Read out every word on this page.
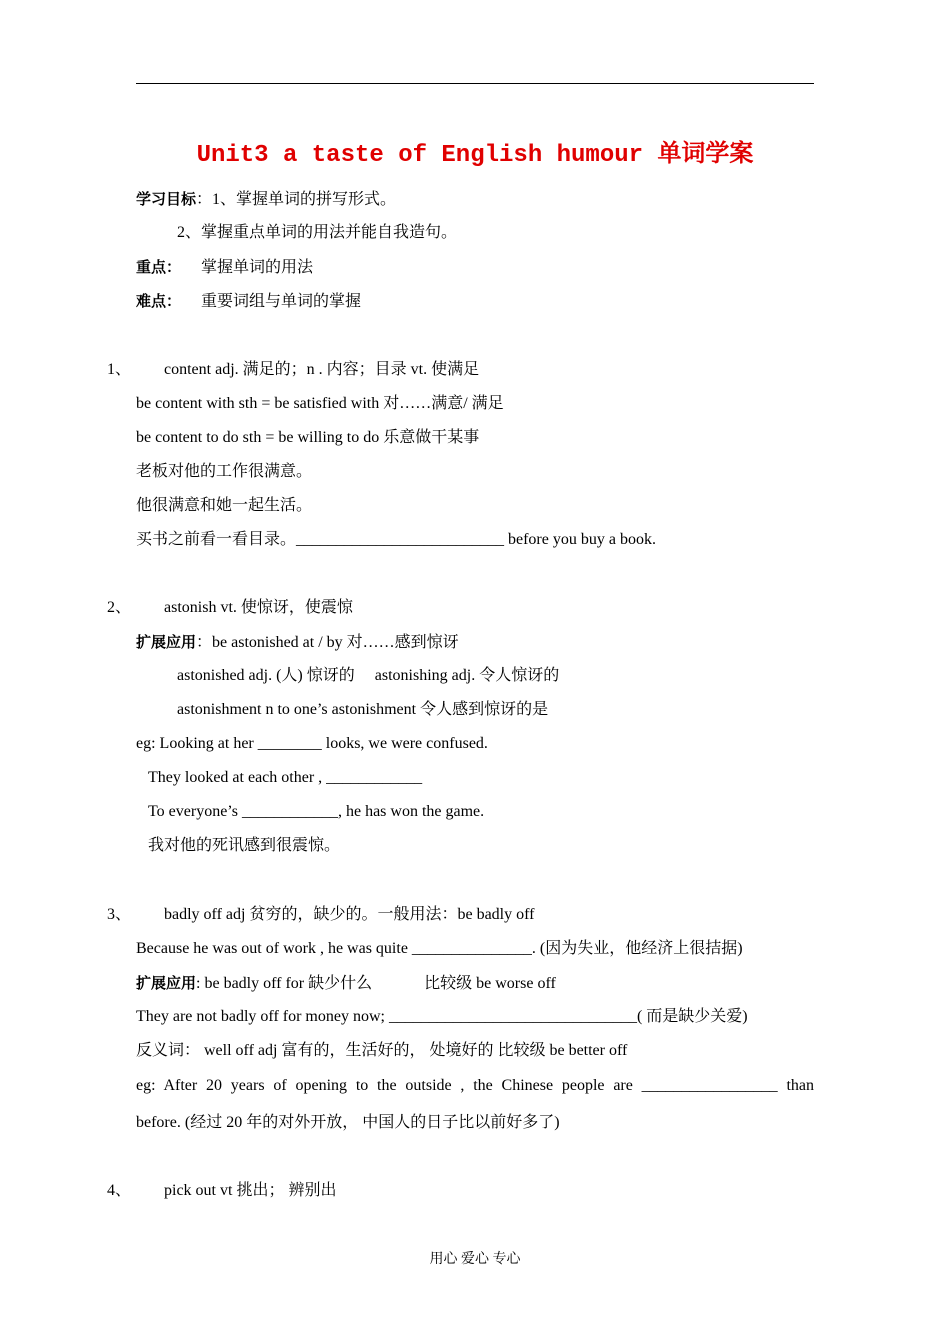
Unit3 a taste of English humour 单词学案
学习目标：1、掌握单词的拼写形式。
2、掌握重点单词的用法并能自我造句。
重点： 掌握单词的用法
难点： 重要词组与单词的掌握
1、 content adj. 满足的；n . 内容；目录 vt. 使满足
be content with sth = be satisfied with 对……满意/ 满足
be content to do sth = be willing to do 乐意做干某事
老板对他的工作很满意。
他很满意和她一起生活。
买书之前看一看目录。__________________________ before you buy a book.
2、 astonish vt. 使惊讶，使震惊
扩展应用：be astonished at / by 对……感到惊讶
astonished adj. (人) 惊讶的 astonishing adj. 令人惊讶的
astonishment n to one’s astonishment 令人感到惊讶的是
eg: Looking at her ________ looks, we were confused.
They looked at each other , ____________
To everyone’s ____________, he has won the game.
我对他的死讯感到很震惊。
3、 badly off adj 贫穷的，缺少的。一般用法：be badly off
Because he was out of work , he was quite _______________. (因为失业，他经济上很拮据)
扩展应用: be badly off for 缺少什么	比较级 be worse off
They are not badly off for money now; _______________________________( 而是缺少关爱)
反义词： well off adj 富有的，生活好的， 处境好的 比较级 be better off
eg: After 20 years of opening to the outside , the Chinese people are _________________ than
before. (经过 20 年的对外开放， 中国人的日子比以前好多了)
4、 pick out vt 挑出； 辨别出
用心 爱心 专心
